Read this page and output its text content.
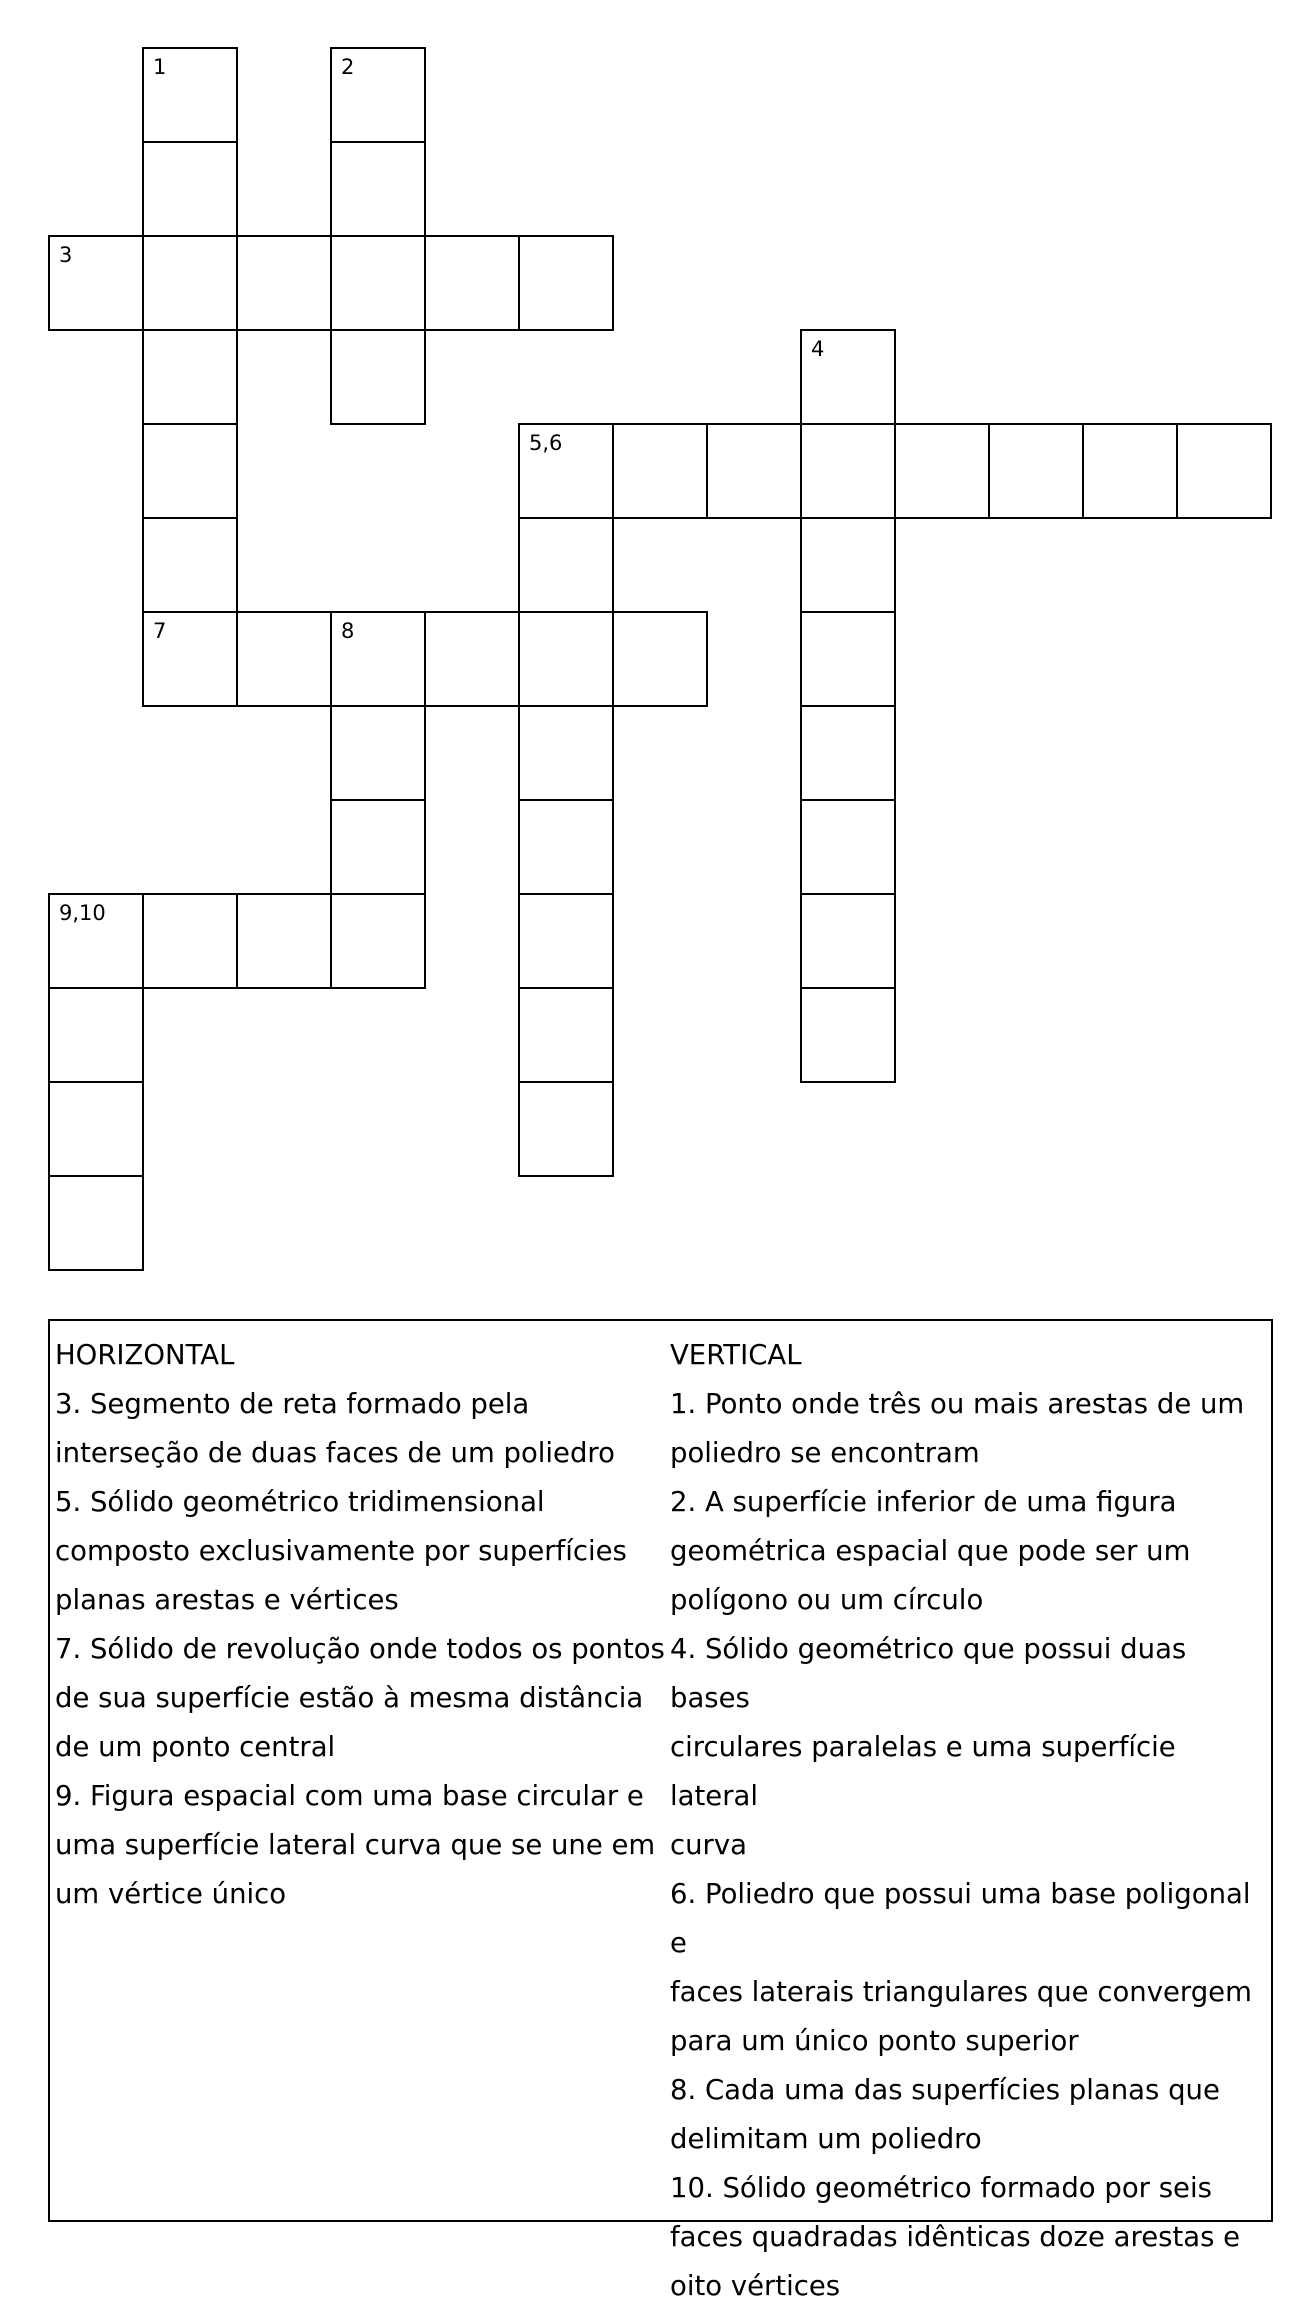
1	2
3
4
5,6
7	8
9,10
HORIZONTAL
3. Segmento de reta formado pela
interseção de duas faces de um poliedro
5. Sólido geométrico tridimensional
composto exclusivamente por superfícies
planas arestas e vértices
7. Sólido de revolução onde todos os pontos
de sua superfície estão à mesma distância
de um ponto central
9. Figura espacial com uma base circular e
uma superfície lateral curva que se une em
um vértice único
VERTICAL
1. Ponto onde três ou mais arestas de um
poliedro se encontram
2. A superfície inferior de uma figura
geométrica espacial que pode ser um
polígono ou um círculo
4. Sólido geométrico que possui duas bases
circulares paralelas e uma superfície lateral
curva
6. Poliedro que possui uma base poligonal e
faces laterais triangulares que convergem
para um único ponto superior
8. Cada uma das superfícies planas que
delimitam um poliedro
10. Sólido geométrico formado por seis
faces quadradas idênticas doze arestas e
oito vértices
